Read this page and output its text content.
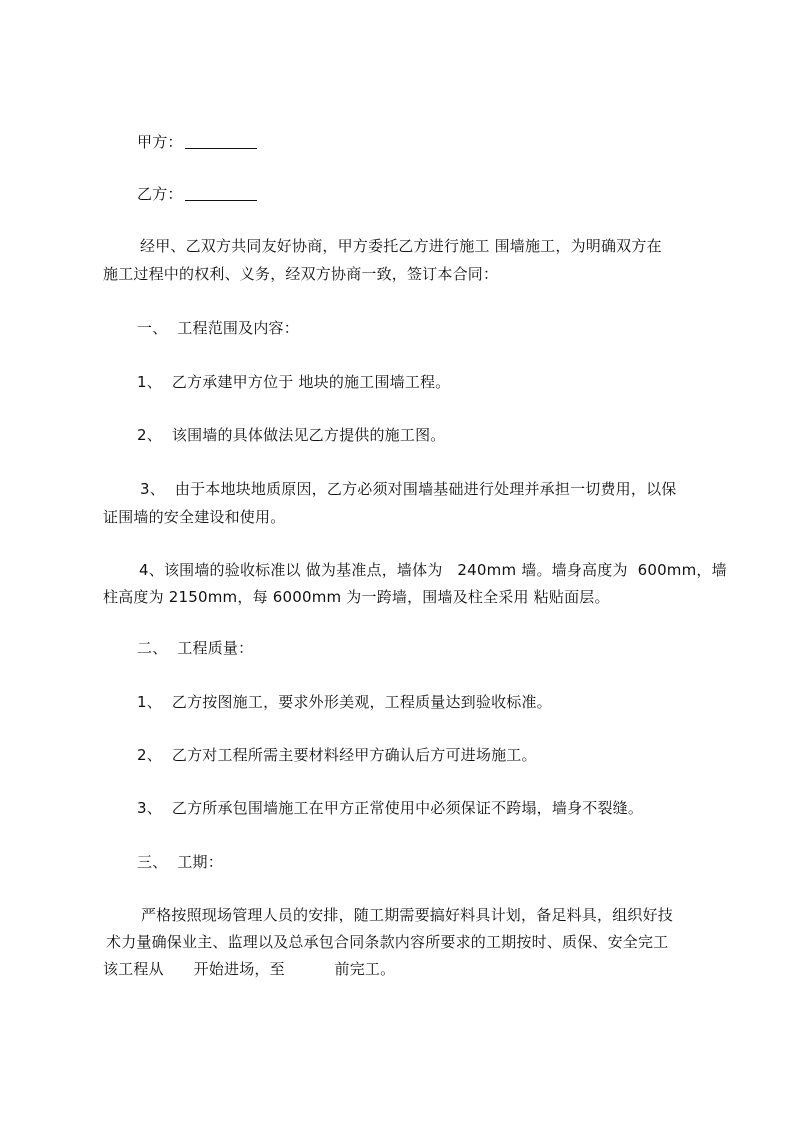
甲方：
乙方：
经甲、乙双方共同友好协商，甲方委托乙方进行施工 围墙施工，为明确双方在
施工过程中的权利、义务，经双方协商一致，签订本合同：
一、  工程范围及内容：
1、  乙方承建甲方位于 地块的施工围墙工程。
2、  该围墙的具体做法见乙方提供的施工图。
3、  由于本地块地质原因，乙方必须对围墙基础进行处理并承担一切费用，以保
证围墙的安全建设和使用。
4、该围墙的验收标准以 做为基准点，墙体为   240mm 墙。墙身高度为  600mm，墙
柱高度为 2150mm，每 6000mm 为一跨墙，围墙及柱全采用 粘贴面层。
二、  工程质量：
1、  乙方按图施工，要求外形美观，工程质量达到验收标准。
2、  乙方对工程所需主要材料经甲方确认后方可进场施工。
3、  乙方所承包围墙施工在甲方正常使用中必须保证不跨塌，墙身不裂缝。
三、  工期：
严格按照现场管理人员的安排，随工期需要搞好料具计划，备足料具，组织好技
术力量确保业主、监理以及总承包合同条款内容所要求的工期按时、质保、安全完工
该工程从      开始进场，至          前完工。
